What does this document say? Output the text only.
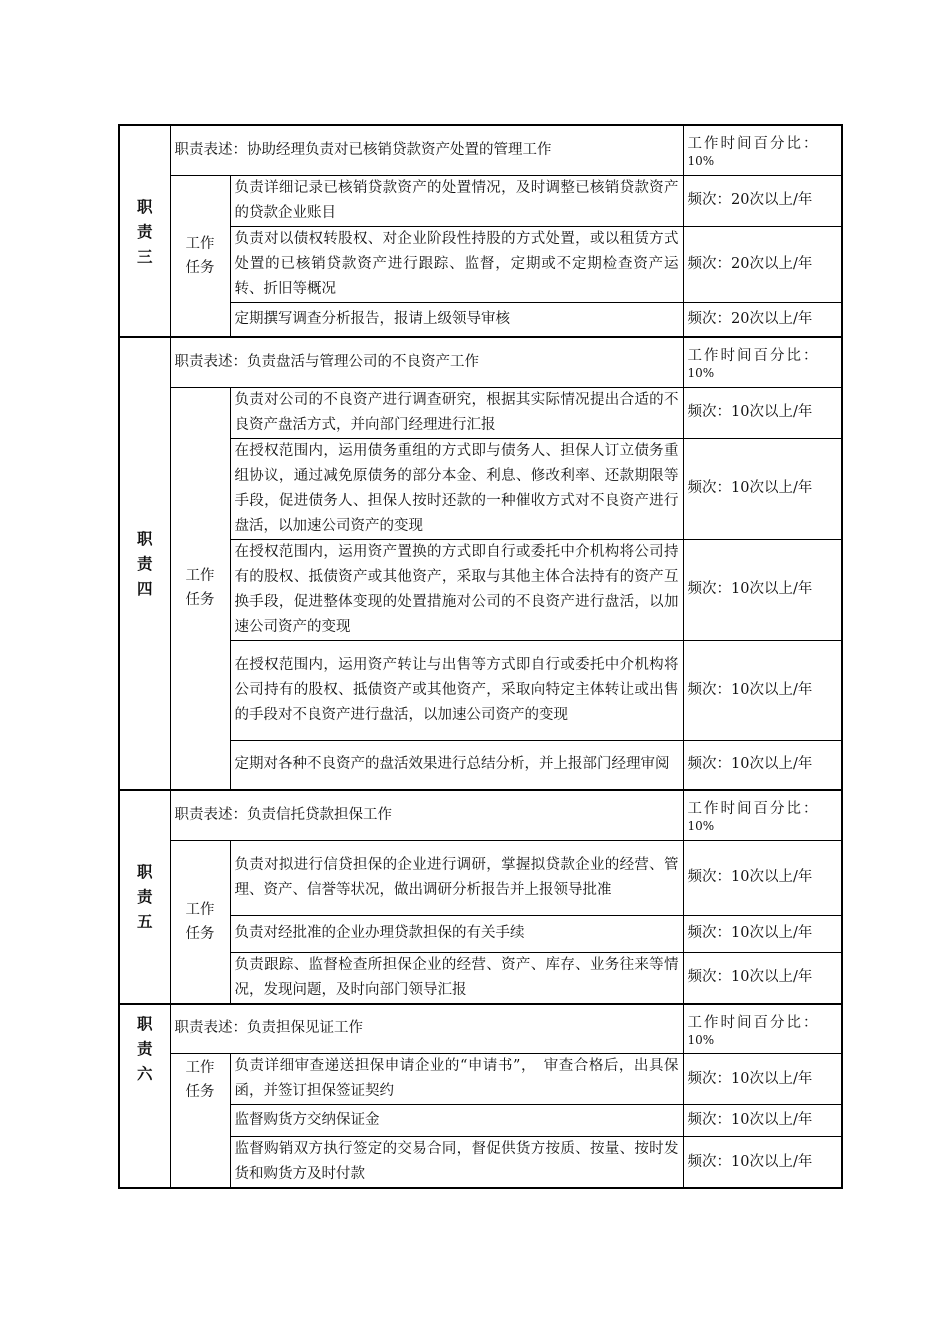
职
责
三	职责表述：协助经理负责对已核销贷款资产处置的管理工作		工作时间百分比：
10%

	工作
任务	负责详细记录已核销贷款资产的处置情况，及时调整已核销贷款资产的贷款企业账目	频次：20次以上/年
		负责对以债权转股权、对企业阶段性持股的方式处置，或以租赁方式处置的已核销贷款资产进行跟踪、监督，定期或不定期检查资产运转、折旧等概况	频次：20次以上/年
		定期撰写调查分析报告，报请上级领导审核	频次：20次以上/年

职
责
四	职责表述：负责盘活与管理公司的不良资产工作		工作时间百分比：
10%

	工作
任务	负责对公司的不良资产进行调查研究，根据其实际情况提出合适的不良资产盘活方式，并向部门经理进行汇报	频次：10次以上/年
		在授权范围内，运用债务重组的方式即与债务人、担保人订立债务重组协议，通过减免原债务的部分本金、利息、修改利率、还款期限等手段，促进债务人、担保人按时还款的一种催收方式对不良资产进行盘活，以加速公司资产的变现	频次：10次以上/年
		在授权范围内，运用资产置换的方式即自行或委托中介机构将公司持有的股权、抵债资产或其他资产，采取与其他主体合法持有的资产互换手段，促进整体变现的处置措施对公司的不良资产进行盘活，以加速公司资产的变现	频次：10次以上/年
		在授权范围内，运用资产转让与出售等方式即自行或委托中介机构将公司持有的股权、抵债资产或其他资产，采取向特定主体转让或出售的手段对不良资产进行盘活，以加速公司资产的变现	频次：10次以上/年
		定期对各种不良资产的盘活效果进行总结分析，并上报部门经理审阅	频次：10次以上/年

职
责
五	职责表述：负责信托贷款担保工作		工作时间百分比：
10%

	工作
任务	负责对拟进行信贷担保的企业进行调研，掌握拟贷款企业的经营、管理、资产、信誉等状况，做出调研分析报告并上报领导批准	频次：10次以上/年
		负责对经批准的企业办理贷款担保的有关手续	频次：10次以上/年
		负责跟踪、监督检查所担保企业的经营、资产、库存、业务往来等情况，发现问题，及时向部门领导汇报	频次：10次以上/年

职
责
六	职责表述：负责担保见证工作		工作时间百分比：
10%

	工作
任务	负责详细审查递送担保申请企业的“申请书”，　审查合格后，出具保函，并签订担保签证契约	频次：10次以上/年
		监督购货方交纳保证金	频次：10次以上/年
		监督购销双方执行签定的交易合同，督促供货方按质、按量、按时发货和购货方及时付款	频次：10次以上/年
